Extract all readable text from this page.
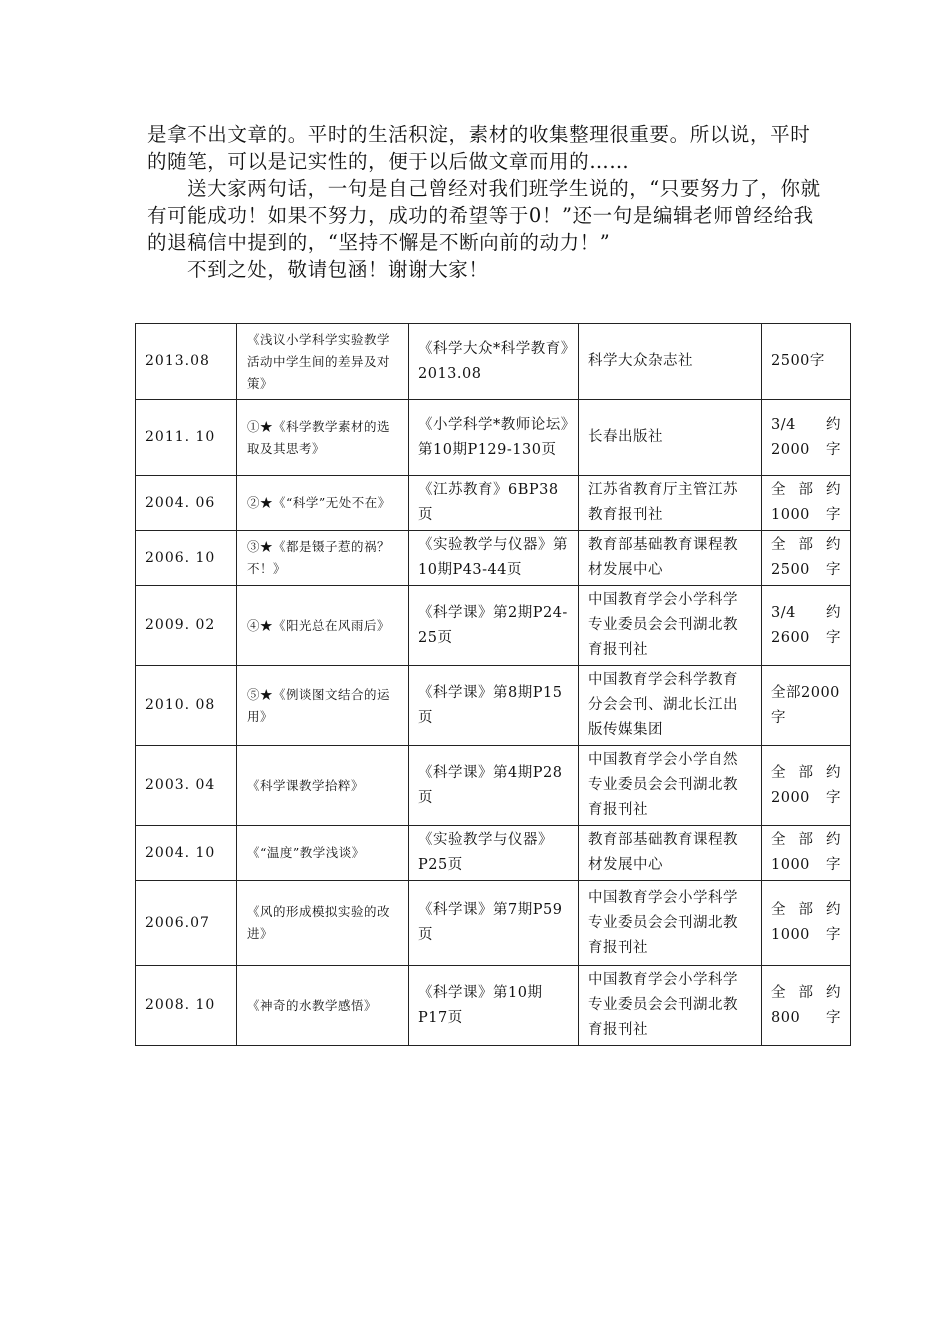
是拿不出文章的。平时的生活积淀，素材的收集整理很重要。所以说，平时的随笔，可以是记实性的，便于以后做文章而用的……

送大家两句话，一句是自己曾经对我们班学生说的，“只要努力了，你就有可能成功！如果不努力，成功的希望等于0！”还一句是编辑老师曾经给我的退稿信中提到的，“坚持不懈是不断向前的动力！”

不到之处，敬请包涵！谢谢大家！

2013.08	《浅议小学科学实验教学活动中学生间的差异及对策》	《科学大众*科学教育》2013.08	科学大众杂志社	2500字
2011. 10	①★《科学教学素材的选取及其思考》	《小学科学*教师论坛》第10期P129-130页	长春出版社	3/4 约2000字
2004. 06	②★《“科学”无处不在》	《江苏教育》6BP38页	江苏省教育厅主管江苏教育报刊社	全部约1000字
2006. 10	③★《都是镊子惹的祸？不！》	《实验教学与仪器》第10期P43-44页	教育部基础教育课程教材发展中心	全部约2500字
2009. 02	④★《阳光总在风雨后》	《科学课》第2期P24-25页	中国教育学会小学科学专业委员会会刊湖北教育报刊社	3/4 约2600字
2010. 08	⑤★《例谈图文结合的运用》	《科学课》第8期P15页	中国教育学会科学教育分会会刊、湖北长江出版传媒集团	全部2000字
2003. 04	《科学课教学拾粹》	《科学课》第4期P28页	中国教育学会小学自然专业委员会会刊湖北教育报刊社	全部约2000字
2004. 10	《“温度”教学浅谈》	《实验教学与仪器》P25页	教育部基础教育课程教材发展中心	全部约1000字
2006.07	《风的形成模拟实验的改进》	《科学课》第7期P59页	中国教育学会小学科学专业委员会会刊湖北教育报刊社	全部约1000字
2008. 10	《神奇的水教学感悟》	《科学课》第10期P17页	中国教育学会小学科学专业委员会会刊湖北教育报刊社	全部约800字
